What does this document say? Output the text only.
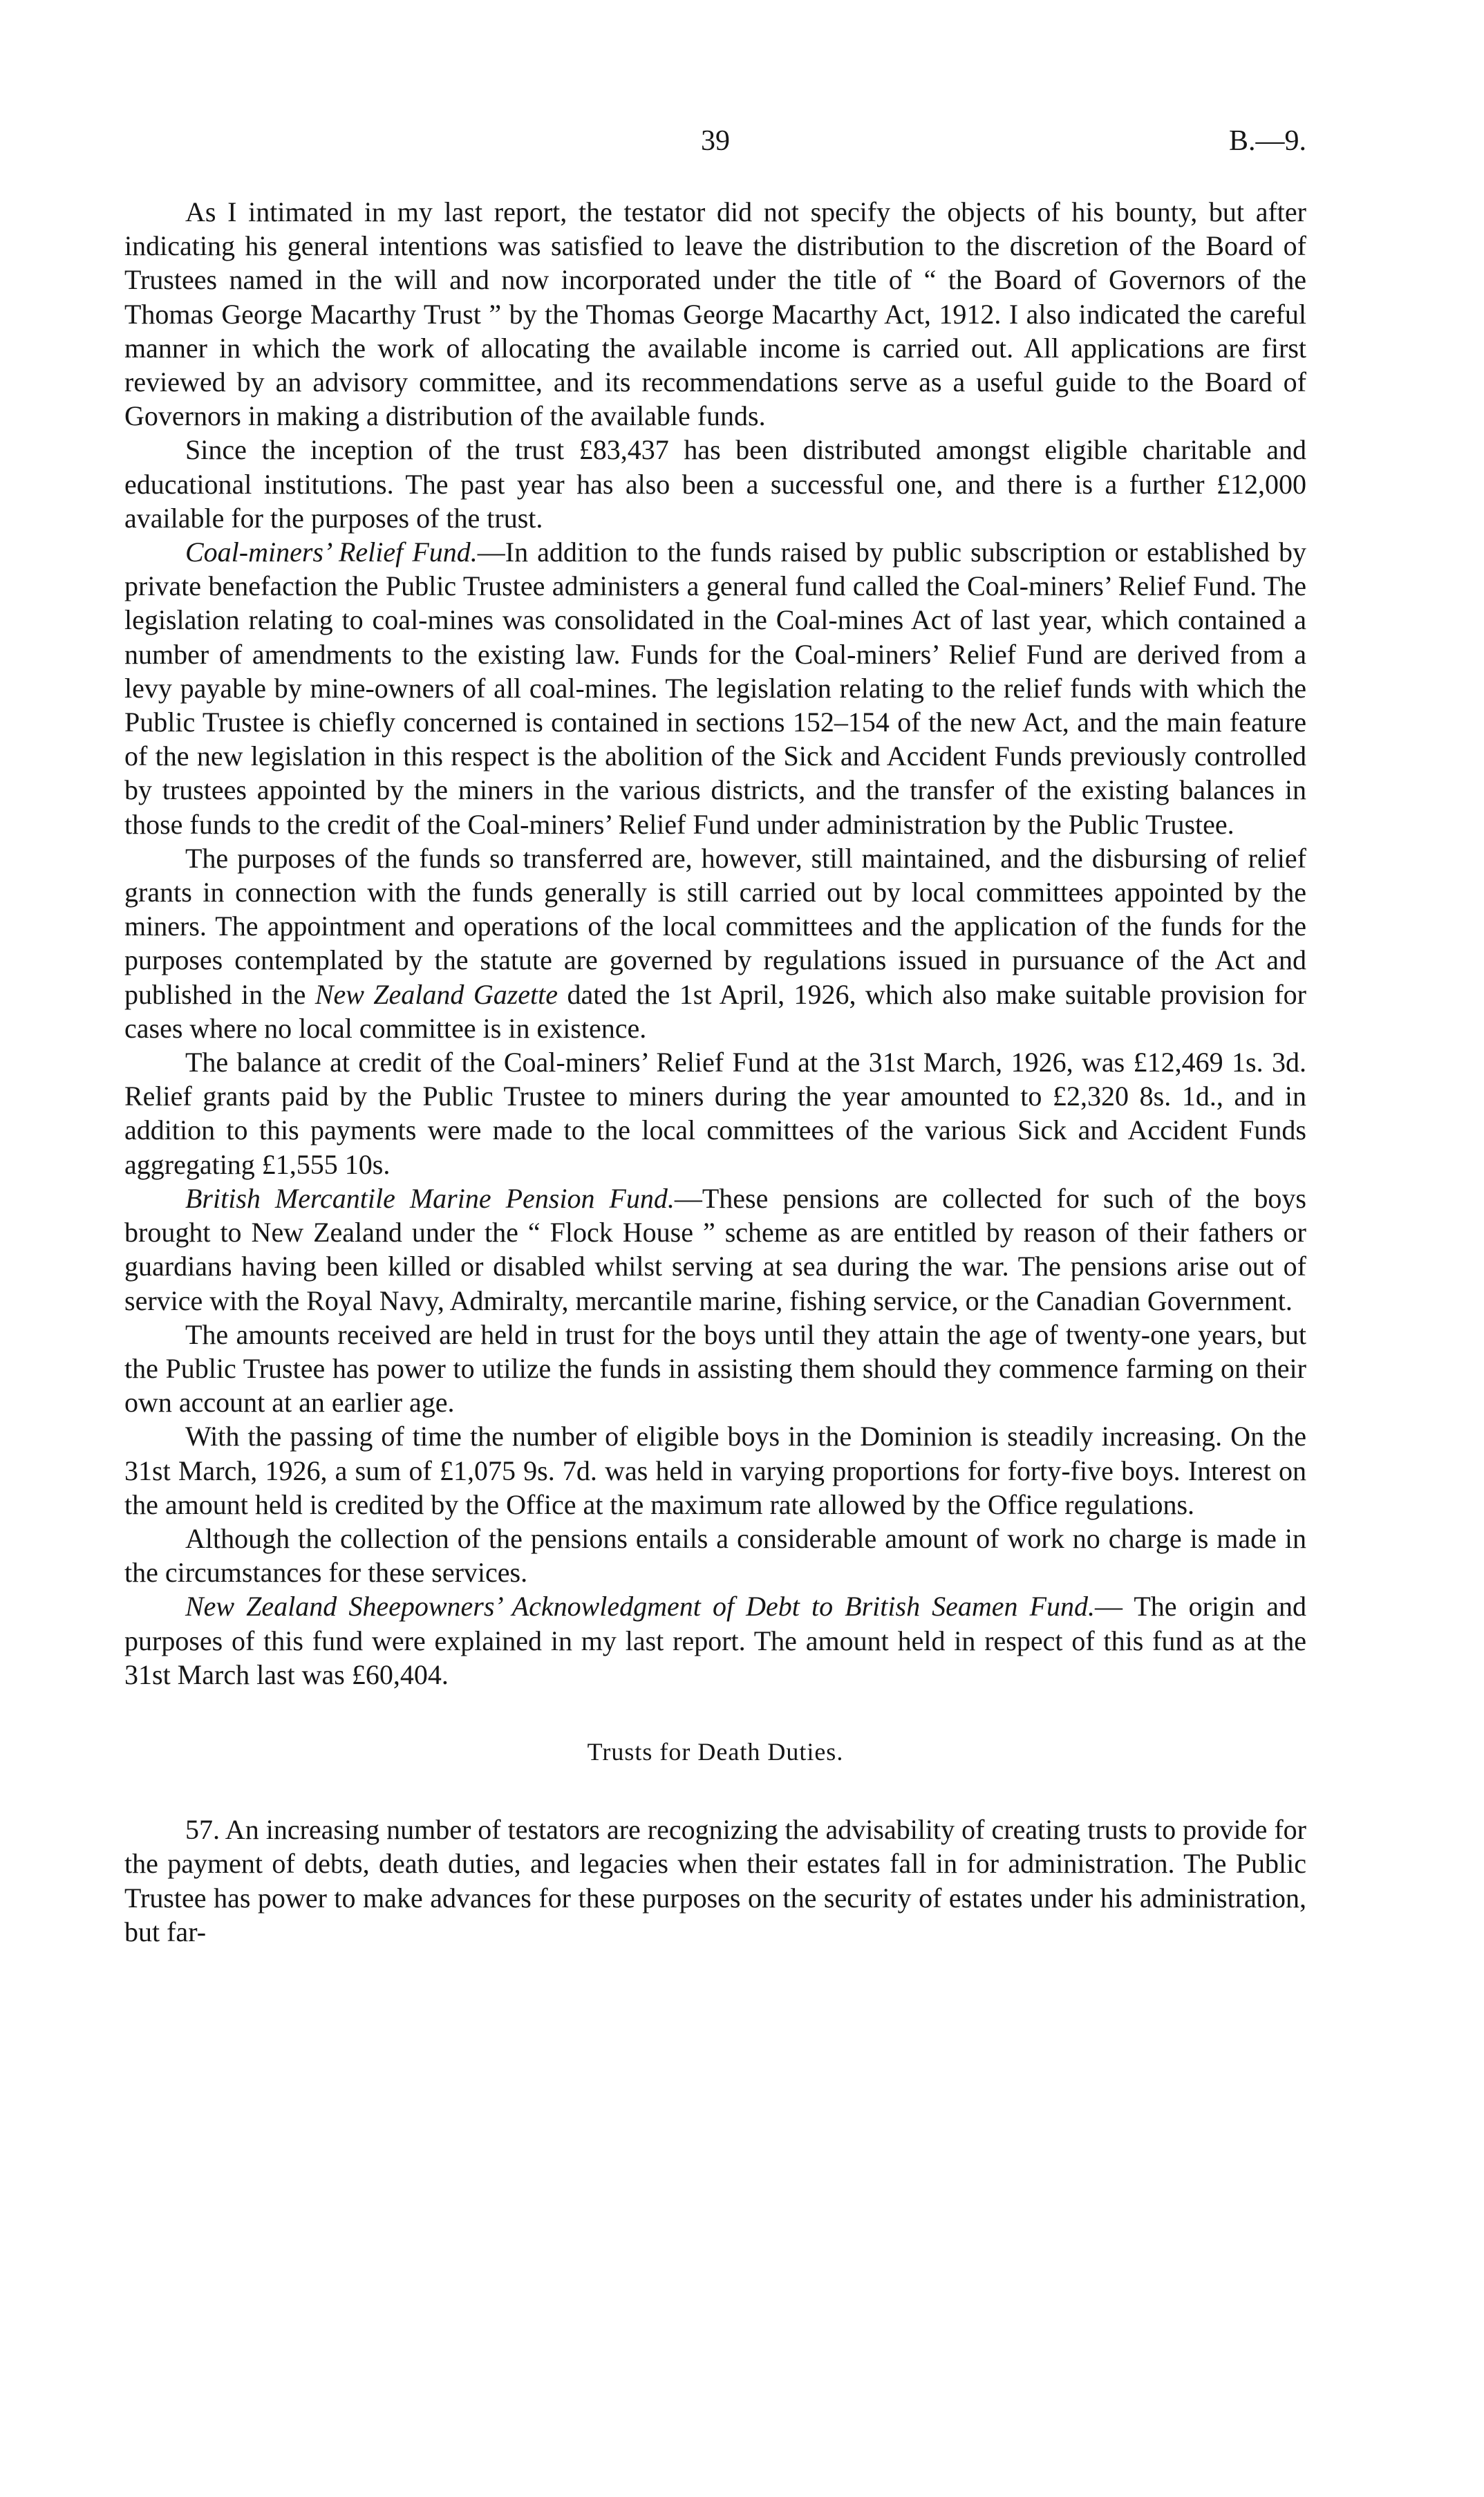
39	B.—9.

As I intimated in my last report, the testator did not specify the objects of his bounty, but after indicating his general intentions was satisfied to leave the distribution to the discretion of the Board of Trustees named in the will and now incorporated under the title of “ the Board of Governors of the Thomas George Macarthy Trust ” by the Thomas George Macarthy Act, 1912. I also indicated the careful manner in which the work of allocating the available income is carried out. All applications are first reviewed by an advisory committee, and its recommendations serve as a useful guide to the Board of Governors in making a distribution of the available funds.

Since the inception of the trust £83,437 has been distributed amongst eligible charitable and educational institutions. The past year has also been a successful one, and there is a further £12,000 available for the purposes of the trust.

Coal-miners’ Relief Fund.—In addition to the funds raised by public subscription or established by private benefaction the Public Trustee administers a general fund called the Coal-miners’ Relief Fund. The legislation relating to coal-mines was consolidated in the Coal-mines Act of last year, which contained a number of amendments to the existing law. Funds for the Coal-miners’ Relief Fund are derived from a levy payable by mine-owners of all coal-mines. The legislation relating to the relief funds with which the Public Trustee is chiefly concerned is contained in sections 152–154 of the new Act, and the main feature of the new legislation in this respect is the abolition of the Sick and Accident Funds previously controlled by trustees appointed by the miners in the various districts, and the transfer of the existing balances in those funds to the credit of the Coal-miners’ Relief Fund under administration by the Public Trustee.

The purposes of the funds so transferred are, however, still maintained, and the disbursing of relief grants in connection with the funds generally is still carried out by local committees appointed by the miners. The appointment and operations of the local committees and the application of the funds for the purposes contemplated by the statute are governed by regulations issued in pursuance of the Act and published in the New Zealand Gazette dated the 1st April, 1926, which also make suitable provision for cases where no local committee is in existence.

The balance at credit of the Coal-miners’ Relief Fund at the 31st March, 1926, was £12,469 1s. 3d. Relief grants paid by the Public Trustee to miners during the year amounted to £2,320 8s. 1d., and in addition to this payments were made to the local committees of the various Sick and Accident Funds aggregating £1,555 10s.

British Mercantile Marine Pension Fund.—These pensions are collected for such of the boys brought to New Zealand under the “ Flock House ” scheme as are entitled by reason of their fathers or guardians having been killed or disabled whilst serving at sea during the war. The pensions arise out of service with the Royal Navy, Admiralty, mercantile marine, fishing service, or the Canadian Government.

The amounts received are held in trust for the boys until they attain the age of twenty-one years, but the Public Trustee has power to utilize the funds in assisting them should they commence farming on their own account at an earlier age.

With the passing of time the number of eligible boys in the Dominion is steadily increasing. On the 31st March, 1926, a sum of £1,075 9s. 7d. was held in varying proportions for forty-five boys. Interest on the amount held is credited by the Office at the maximum rate allowed by the Office regulations.

Although the collection of the pensions entails a considerable amount of work no charge is made in the circumstances for these services.

New Zealand Sheepowners’ Acknowledgment of Debt to British Seamen Fund.— The origin and purposes of this fund were explained in my last report. The amount held in respect of this fund as at the 31st March last was £60,404.

Trusts for Death Duties.

57. An increasing number of testators are recognizing the advisability of creating trusts to provide for the payment of debts, death duties, and legacies when their estates fall in for administration. The Public Trustee has power to make advances for these purposes on the security of estates under his administration, but far-
